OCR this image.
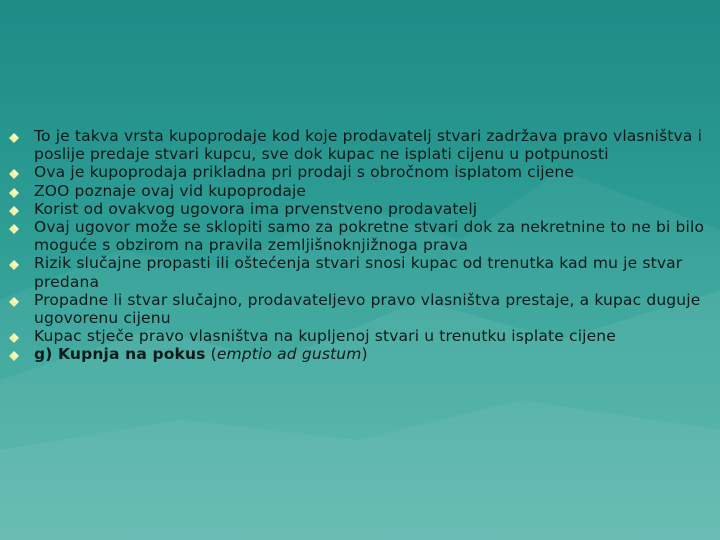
To je takva vrsta kupoprodaje kod koje prodavatelj stvari zadržava pravo vlasništva i poslije predaje stvari kupcu, sve dok kupac ne isplati cijenu u potpunosti
Ova je kupoprodaja prikladna pri prodaji s obročnom isplatom cijene
ZOO poznaje ovaj vid kupoprodaje
Korist od ovakvog ugovora ima prvenstveno prodavatelj
Ovaj ugovor može se sklopiti samo za pokretne stvari dok za nekretnine to ne bi bilo moguće s obzirom na pravila zemljišnoknjižnoga prava
Rizik slučajne propasti ili oštećenja stvari snosi kupac od trenutka kad mu je stvar predana
Propadne li stvar slučajno, prodavateljevo pravo vlasništva prestaje, a kupac duguje ugovorenu cijenu
Kupac stječe pravo vlasništva na kupljenoj stvari u trenutku isplate cijene
g) Kupnja na pokus (emptio ad gustum)
